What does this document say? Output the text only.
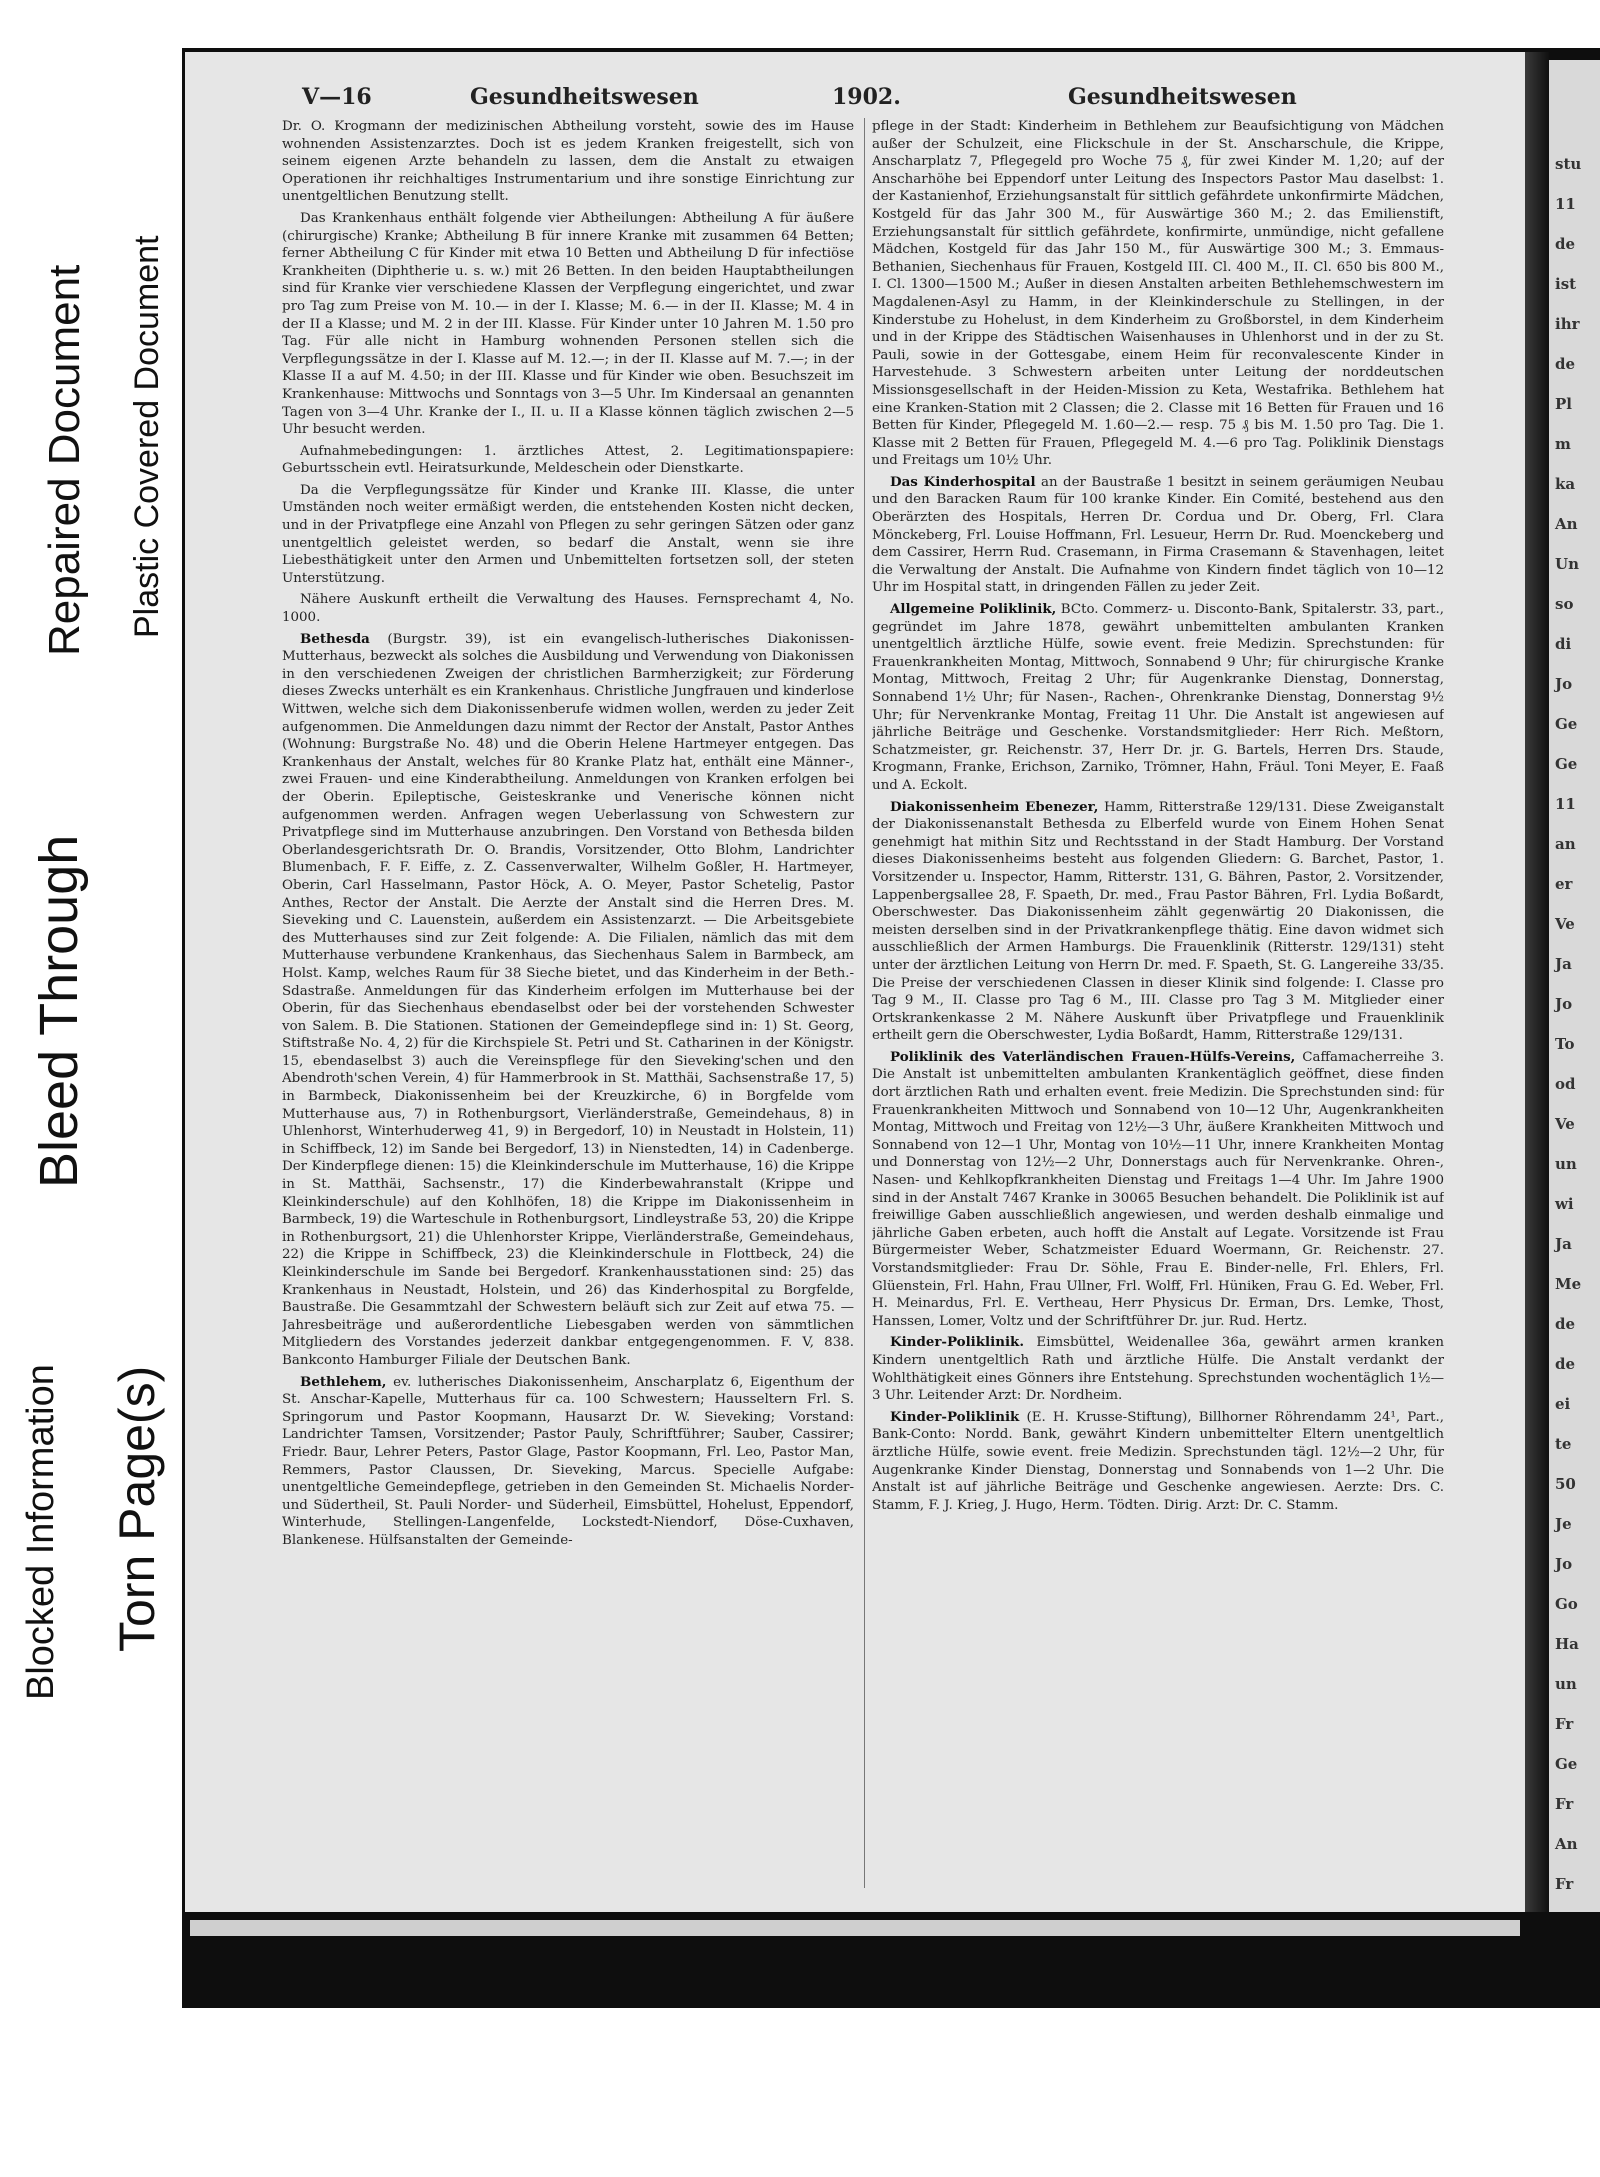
Bleed Through
Repaired Document Plastic Covered Document
Blocked Information Torn Page(s)
stu
11
de
ist
ihr
de
Pl
m
ka
An
Un
so
di
Jo
Ge
Ge
11
an
er
Ve
Ja
Jo
To
od
Ve
un
wi
Ja
Me
de
de
ei
te
50
Je
Jo
Go
Ha
un
Fr
Ge
Fr
An
Fr
V—16	Gesundheitswesen	1902.	Gesundheitswesen

Dr. O. Krogmann der medizinischen Abtheilung vorsteht, sowie des im Hause wohnenden Assistenzarztes. Doch ist es jedem Kranken freigestellt, sich von seinem eigenen Arzte behandeln zu lassen, dem die Anstalt zu etwaigen Operationen ihr reichhaltiges Instrumentarium und ihre sonstige Einrichtung zur unentgeltlichen Benutzung stellt.

Das Krankenhaus enthält folgende vier Abtheilungen: Abtheilung A für äußere (chirurgische) Kranke; Abtheilung B für innere Kranke mit zusammen 64 Betten; ferner Abtheilung C für Kinder mit etwa 10 Betten und Abtheilung D für infectiöse Krankheiten (Diphtherie u. s. w.) mit 26 Betten. In den beiden Hauptabtheilungen sind für Kranke vier verschiedene Klassen der Verpflegung eingerichtet, und zwar pro Tag zum Preise von M. 10.— in der I. Klasse; M. 6.— in der II. Klasse; M. 4 in der II a Klasse; und M. 2 in der III. Klasse. Für Kinder unter 10 Jahren M. 1.50 pro Tag. Für alle nicht in Hamburg wohnenden Personen stellen sich die Verpflegungssätze in der I. Klasse auf M. 12.—; in der II. Klasse auf M. 7.—; in der Klasse II a auf M. 4.50; in der III. Klasse und für Kinder wie oben. Besuchszeit im Krankenhause: Mittwochs und Sonntags von 3—5 Uhr. Im Kindersaal an genannten Tagen von 3—4 Uhr. Kranke der I., II. u. II a Klasse können täglich zwischen 2—5 Uhr besucht werden.

Aufnahmebedingungen: 1. ärztliches Attest, 2. Legitimationspapiere: Geburtsschein evtl. Heiratsurkunde, Meldeschein oder Dienstkarte.

Da die Verpflegungssätze für Kinder und Kranke III. Klasse, die unter Umständen noch weiter ermäßigt werden, die entstehenden Kosten nicht decken, und in der Privatpflege eine Anzahl von Pflegen zu sehr geringen Sätzen oder ganz unentgeltlich geleistet werden, so bedarf die Anstalt, wenn sie ihre Liebesthätigkeit unter den Armen und Unbemittelten fortsetzen soll, der steten Unterstützung.

Nähere Auskunft ertheilt die Verwaltung des Hauses. Fernsprechamt 4, No. 1000.

Bethesda (Burgstr. 39), ist ein evangelisch-lutherisches Diakonissen-Mutterhaus, bezweckt als solches die Ausbildung und Verwendung von Diakonissen in den verschiedenen Zweigen der christlichen Barmherzigkeit; zur Förderung dieses Zwecks unterhält es ein Krankenhaus. Christliche Jungfrauen und kinderlose Wittwen, welche sich dem Diakonissenberufe widmen wollen, werden zu jeder Zeit aufgenommen. Die Anmeldungen dazu nimmt der Rector der Anstalt, Pastor Anthes (Wohnung: Burgstraße No. 48) und die Oberin Helene Hartmeyer entgegen. Das Krankenhaus der Anstalt, welches für 80 Kranke Platz hat, enthält eine Männer-, zwei Frauen- und eine Kinderabtheilung. Anmeldungen von Kranken erfolgen bei der Oberin. Epileptische, Geisteskranke und Venerische können nicht aufgenommen werden. Anfragen wegen Ueberlassung von Schwestern zur Privatpflege sind im Mutterhause anzubringen. Den Vorstand von Bethesda bilden Oberlandesgerichtsrath Dr. O. Brandis, Vorsitzender, Otto Blohm, Landrichter Blumenbach, F. F. Eiffe, z. Z. Cassenverwalter, Wilhelm Goßler, H. Hartmeyer, Oberin, Carl Hasselmann, Pastor Höck, A. O. Meyer, Pastor Schetelig, Pastor Anthes, Rector der Anstalt. Die Aerzte der Anstalt sind die Herren Dres. M. Sieveking und C. Lauenstein, außerdem ein Assistenzarzt. — Die Arbeitsgebiete des Mutterhauses sind zur Zeit folgende: A. Die Filialen, nämlich das mit dem Mutterhause verbundene Krankenhaus, das Siechenhaus Salem in Barmbeck, am Holst. Kamp, welches Raum für 38 Sieche bietet, und das Kinderheim in der Beth.-Sdastraße. Anmeldungen für das Kinderheim erfolgen im Mutterhause bei der Oberin, für das Siechenhaus ebendaselbst oder bei der vorstehenden Schwester von Salem. B. Die Stationen. Stationen der Gemeindepflege sind in: 1) St. Georg, Stiftstraße No. 4, 2) für die Kirchspiele St. Petri und St. Catharinen in der Königstr. 15, ebendaselbst 3) auch die Vereinspflege für den Sieveking'schen und den Abendroth'schen Verein, 4) für Hammerbrook in St. Matthäi, Sachsenstraße 17, 5) in Barmbeck, Diakonissenheim bei der Kreuzkirche, 6) in Borgfelde vom Mutterhause aus, 7) in Rothenburgsort, Vierländerstraße, Gemeindehaus, 8) in Uhlenhorst, Winterhuderweg 41, 9) in Bergedorf, 10) in Neustadt in Holstein, 11) in Schiffbeck, 12) im Sande bei Bergedorf, 13) in Nienstedten, 14) in Cadenberge. Der Kinderpflege dienen: 15) die Kleinkinderschule im Mutterhause, 16) die Krippe in St. Matthäi, Sachsenstr., 17) die Kinderbewahranstalt (Krippe und Kleinkinderschule) auf den Kohlhöfen, 18) die Krippe im Diakonissenheim in Barmbeck, 19) die Warteschule in Rothenburgsort, Lindleystraße 53, 20) die Krippe in Rothenburgsort, 21) die Uhlenhorster Krippe, Vierländerstraße, Gemeindehaus, 22) die Krippe in Schiffbeck, 23) die Kleinkinderschule in Flottbeck, 24) die Kleinkinderschule im Sande bei Bergedorf. Krankenhausstationen sind: 25) das Krankenhaus in Neustadt, Holstein, und 26) das Kinderhospital zu Borgfelde, Baustraße. Die Gesammtzahl der Schwestern beläuft sich zur Zeit auf etwa 75. — Jahresbeiträge und außerordentliche Liebesgaben werden von sämmtlichen Mitgliedern des Vorstandes jederzeit dankbar entgegengenommen. F. V, 838. Bankconto Hamburger Filiale der Deutschen Bank.

Bethlehem, ev. lutherisches Diakonissenheim, Anscharplatz 6, Eigenthum der St. Anschar-Kapelle, Mutterhaus für ca. 100 Schwestern; Hausseltern Frl. S. Springorum und Pastor Koopmann, Hausarzt Dr. W. Sieveking; Vorstand: Landrichter Tamsen, Vorsitzender; Pastor Pauly, Schriftführer; Sauber, Cassirer; Friedr. Baur, Lehrer Peters, Pastor Glage, Pastor Koopmann, Frl. Leo, Pastor Man, Remmers, Pastor Claussen, Dr. Sieveking, Marcus. Specielle Aufgabe: unentgeltliche Gemeindepflege, getrieben in den Gemeinden St. Michaelis Norder- und Südertheil, St. Pauli Norder- und Süderheil, Eimsbüttel, Hohelust, Eppendorf, Winterhude, Stellingen-Langenfelde, Lockstedt-Niendorf, Döse-Cuxhaven, Blankenese. Hülfsanstalten der Gemeinde-

pflege in der Stadt: Kinderheim in Bethlehem zur Beaufsichtigung von Mädchen außer der Schulzeit, eine Flickschule in der St. Anscharschule, die Krippe, Anscharplatz 7, Pflegegeld pro Woche 75 ₰, für zwei Kinder M. 1,20; auf der Anscharhöhe bei Eppendorf unter Leitung des Inspectors Pastor Mau daselbst: 1. der Kastanienhof, Erziehungsanstalt für sittlich gefährdete unkonfirmirte Mädchen, Kostgeld für das Jahr 300 M., für Auswärtige 360 M.; 2. das Emilienstift, Erziehungsanstalt für sittlich gefährdete, konfirmirte, unmündige, nicht gefallene Mädchen, Kostgeld für das Jahr 150 M., für Auswärtige 300 M.; 3. Emmaus-Bethanien, Siechenhaus für Frauen, Kostgeld III. Cl. 400 M., II. Cl. 650 bis 800 M., I. Cl. 1300—1500 M.; Außer in diesen Anstalten arbeiten Bethlehemschwestern im Magdalenen-Asyl zu Hamm, in der Kleinkinderschule zu Stellingen, in der Kinderstube zu Hohelust, in dem Kinderheim zu Großborstel, in dem Kinderheim und in der Krippe des Städtischen Waisenhauses in Uhlenhorst und in der zu St. Pauli, sowie in der Gottesgabe, einem Heim für reconvalescente Kinder in Harvestehude. 3 Schwestern arbeiten unter Leitung der norddeutschen Missionsgesellschaft in der Heiden-Mission zu Keta, Westafrika. Bethlehem hat eine Kranken-Station mit 2 Classen; die 2. Classe mit 16 Betten für Frauen und 16 Betten für Kinder, Pflegegeld M. 1.60—2.— resp. 75 ₰ bis M. 1.50 pro Tag. Die 1. Klasse mit 2 Betten für Frauen, Pflegegeld M. 4.—6 pro Tag. Poliklinik Dienstags und Freitags um 10½ Uhr.

Das Kinderhospital an der Baustraße 1 besitzt in seinem geräumigen Neubau und den Baracken Raum für 100 kranke Kinder. Ein Comité, bestehend aus den Oberärzten des Hospitals, Herren Dr. Cordua und Dr. Oberg, Frl. Clara Mönckeberg, Frl. Louise Hoffmann, Frl. Lesueur, Herrn Dr. Rud. Moenckeberg und dem Cassirer, Herrn Rud. Crasemann, in Firma Crasemann & Stavenhagen, leitet die Verwaltung der Anstalt. Die Aufnahme von Kindern findet täglich von 10—12 Uhr im Hospital statt, in dringenden Fällen zu jeder Zeit.

Allgemeine Poliklinik, BCto. Commerz- u. Disconto-Bank, Spitalerstr. 33, part., gegründet im Jahre 1878, gewährt unbemittelten ambulanten Kranken unentgeltlich ärztliche Hülfe, sowie event. freie Medizin. Sprechstunden: für Frauenkrankheiten Montag, Mittwoch, Sonnabend 9 Uhr; für chirurgische Kranke Montag, Mittwoch, Freitag 2 Uhr; für Augenkranke Dienstag, Donnerstag, Sonnabend 1½ Uhr; für Nasen-, Rachen-, Ohrenkranke Dienstag, Donnerstag 9½ Uhr; für Nervenkranke Montag, Freitag 11 Uhr. Die Anstalt ist angewiesen auf jährliche Beiträge und Geschenke. Vorstandsmitglieder: Herr Rich. Meßtorn, Schatzmeister, gr. Reichenstr. 37, Herr Dr. jr. G. Bartels, Herren Drs. Staude, Krogmann, Franke, Erichson, Zarniko, Trömner, Hahn, Fräul. Toni Meyer, E. Faaß und A. Eckolt.

Diakonissenheim Ebenezer, Hamm, Ritterstraße 129/131. Diese Zweiganstalt der Diakonissenanstalt Bethesda zu Elberfeld wurde von Einem Hohen Senat genehmigt hat mithin Sitz und Rechtsstand in der Stadt Hamburg. Der Vorstand dieses Diakonissenheims besteht aus folgenden Gliedern: G. Barchet, Pastor, 1. Vorsitzender u. Inspector, Hamm, Ritterstr. 131, G. Bähren, Pastor, 2. Vorsitzender, Lappenbergsallee 28, F. Spaeth, Dr. med., Frau Pastor Bähren, Frl. Lydia Boßardt, Oberschwester. Das Diakonissenheim zählt gegenwärtig 20 Diakonissen, die meisten derselben sind in der Privatkrankenpflege thätig. Eine davon widmet sich ausschließlich der Armen Hamburgs. Die Frauenklinik (Ritterstr. 129/131) steht unter der ärztlichen Leitung von Herrn Dr. med. F. Spaeth, St. G. Langereihe 33/35. Die Preise der verschiedenen Classen in dieser Klinik sind folgende: I. Classe pro Tag 9 M., II. Classe pro Tag 6 M., III. Classe pro Tag 3 M. Mitglieder einer Ortskrankenkasse 2 M. Nähere Auskunft über Privatpflege und Frauenklinik ertheilt gern die Oberschwester, Lydia Boßardt, Hamm, Ritterstraße 129/131.

Poliklinik des Vaterländischen Frauen-Hülfs-Vereins, Caffamacherreihe 3. Die Anstalt ist unbemittelten ambulanten Krankentäglich geöffnet, diese finden dort ärztlichen Rath und erhalten event. freie Medizin. Die Sprechstunden sind: für Frauenkrankheiten Mittwoch und Sonnabend von 10—12 Uhr, Augenkrankheiten Montag, Mittwoch und Freitag von 12½—3 Uhr, äußere Krankheiten Mittwoch und Sonnabend von 12—1 Uhr, Montag von 10½—11 Uhr, innere Krankheiten Montag und Donnerstag von 12½—2 Uhr, Donnerstags auch für Nervenkranke. Ohren-, Nasen- und Kehlkopfkrankheiten Dienstag und Freitags 1—4 Uhr. Im Jahre 1900 sind in der Anstalt 7467 Kranke in 30065 Besuchen behandelt. Die Poliklinik ist auf freiwillige Gaben ausschließlich angewiesen, und werden deshalb einmalige und jährliche Gaben erbeten, auch hofft die Anstalt auf Legate. Vorsitzende ist Frau Bürgermeister Weber, Schatzmeister Eduard Woermann, Gr. Reichenstr. 27. Vorstandsmitglieder: Frau Dr. Söhle, Frau E. Binder-nelle, Frl. Ehlers, Frl. Glüenstein, Frl. Hahn, Frau Ullner, Frl. Wolff, Frl. Hüniken, Frau G. Ed. Weber, Frl. H. Meinardus, Frl. E. Vertheau, Herr Physicus Dr. Erman, Drs. Lemke, Thost, Hanssen, Lomer, Voltz und der Schriftführer Dr. jur. Rud. Hertz.

Kinder-Poliklinik. Eimsbüttel, Weidenallee 36a, gewährt armen kranken Kindern unentgeltlich Rath und ärztliche Hülfe. Die Anstalt verdankt der Wohlthätigkeit eines Gönners ihre Entstehung. Sprechstunden wochentäglich 1½—3 Uhr. Leitender Arzt: Dr. Nordheim.

Kinder-Poliklinik (E. H. Krusse-Stiftung), Billhorner Röhrendamm 24¹, Part., Bank-Conto: Nordd. Bank, gewährt Kindern unbemittelter Eltern unentgeltlich ärztliche Hülfe, sowie event. freie Medizin. Sprechstunden tägl. 12½—2 Uhr, für Augenkranke Kinder Dienstag, Donnerstag und Sonnabends von 1—2 Uhr. Die Anstalt ist auf jährliche Beiträge und Geschenke angewiesen. Aerzte: Drs. C. Stamm, F. J. Krieg, J. Hugo, Herm. Tödten. Dirig. Arzt: Dr. C. Stamm.
